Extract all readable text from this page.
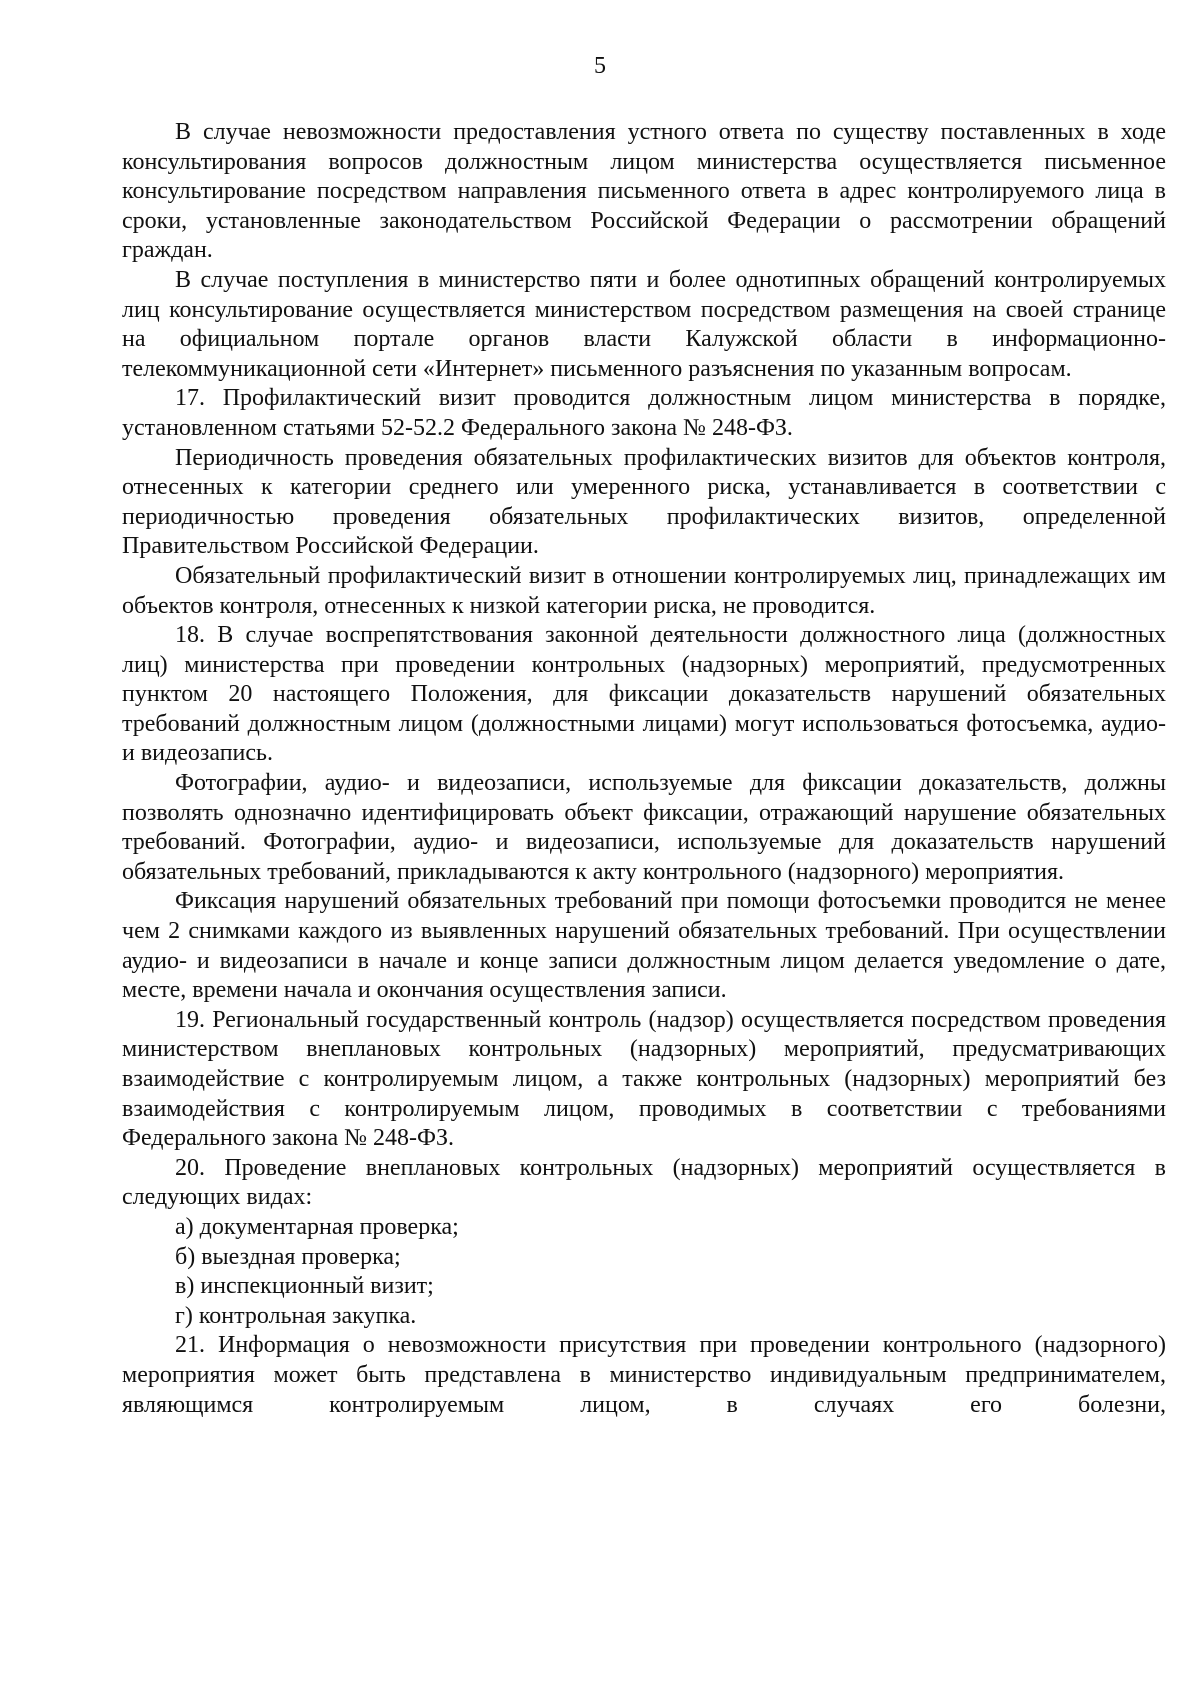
5

В случае невозможности предоставления устного ответа по существу поставленных в ходе консультирования вопросов должностным лицом министерства осуществляется письменное консультирование посредством направления письменного ответа в адрес контролируемого лица в сроки, установленные законодательством Российской Федерации о рассмотрении обращений граждан.

В случае поступления в министерство пяти и более однотипных обращений контролируемых лиц консультирование осуществляется министерством посредством размещения на своей странице на официальном портале органов власти Калужской области в информационно-телекоммуникационной сети «Интернет» письменного разъяснения по указанным вопросам.

17. Профилактический визит проводится должностным лицом министерства в порядке, установленном статьями 52-52.2 Федерального закона № 248-ФЗ.

Периодичность проведения обязательных профилактических визитов для объектов контроля, отнесенных к категории среднего или умеренного риска, устанавливается в соответствии с периодичностью проведения обязательных профилактических визитов, определенной Правительством Российской Федерации.

Обязательный профилактический визит в отношении контролируемых лиц, принадлежащих им объектов контроля, отнесенных к низкой категории риска, не проводится.

18. В случае воспрепятствования законной деятельности должностного лица (должностных лиц) министерства при проведении контрольных (надзорных) мероприятий, предусмотренных пунктом 20 настоящего Положения, для фиксации доказательств нарушений обязательных требований должностным лицом (должностными лицами) могут использоваться фотосъемка, аудио- и видеозапись.

Фотографии, аудио- и видеозаписи, используемые для фиксации доказательств, должны позволять однозначно идентифицировать объект фиксации, отражающий нарушение обязательных требований. Фотографии, аудио- и видеозаписи, используемые для доказательств нарушений обязательных требований, прикладываются к акту контрольного (надзорного) мероприятия.

Фиксация нарушений обязательных требований при помощи фотосъемки проводится не менее чем 2 снимками каждого из выявленных нарушений обязательных требований. При осуществлении аудио- и видеозаписи в начале и конце записи должностным лицом делается уведомление о дате, месте, времени начала и окончания осуществления записи.

19. Региональный государственный контроль (надзор) осуществляется посредством проведения министерством внеплановых контрольных (надзорных) мероприятий, предусматривающих взаимодействие с контролируемым лицом, а также контрольных (надзорных) мероприятий без взаимодействия с контролируемым лицом, проводимых в соответствии с требованиями Федерального закона № 248-ФЗ.

20. Проведение внеплановых контрольных (надзорных) мероприятий осуществляется в следующих видах:

а) документарная проверка;

б) выездная проверка;

в) инспекционный визит;

г) контрольная закупка.

21. Информация о невозможности присутствия при проведении контрольного (надзорного) мероприятия может быть представлена в министерство индивидуальным предпринимателем, являющимся контролируемым лицом, в случаях его болезни,
